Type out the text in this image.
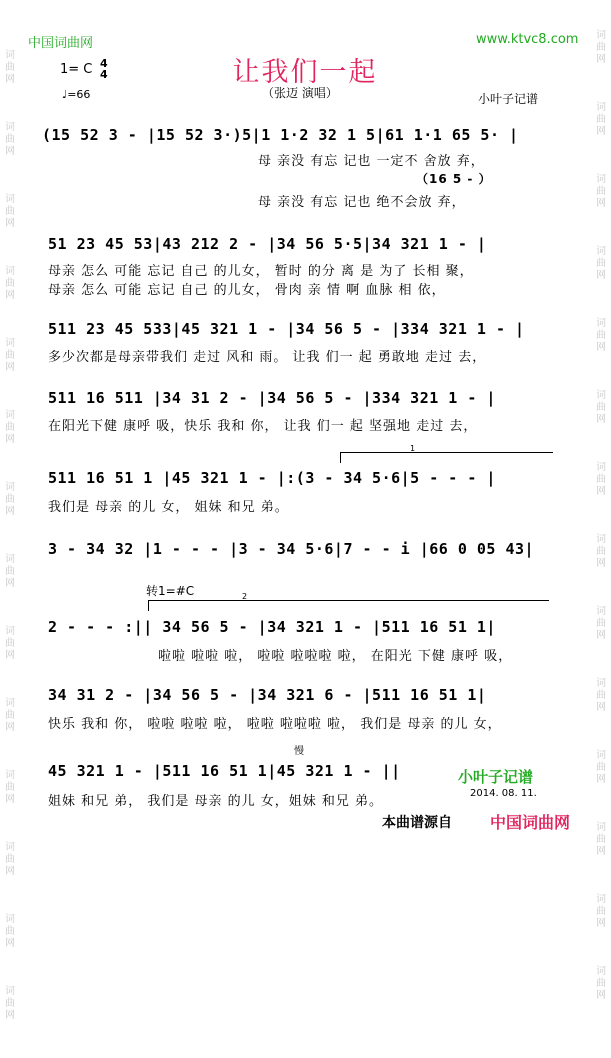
词
曲
网
词
曲
网
词
曲
网
词
曲
网
词
曲
网
词
曲
网
词
曲
网
词
曲
网
词
曲
网
词
曲
网
词
曲
网
词
曲
网
词
曲
网
词
曲
网
词
曲
网
词
曲
网
词
曲
网
词
曲
网
词
曲
网
词
曲
网
词
曲
网
词
曲
网
词
曲
网
词
曲
网
词
曲
网
词
曲
网
词
曲
网
词
曲
网
中国词曲网	www.ktvc8.com
让我们一起
1= C 4
4
♩=66	（张迈 演唱）	小叶子记谱
(15 52 3 - |15 52 3·)5|1 1·2 32 1 5|61 1·1 65 5· |
母 亲没 有忘 记也 一定不 舍放 弃，
（16 5 - ）
母 亲没 有忘 记也 绝不会放 弃，
51 23 45 53|43 212 2 - |34 56 5·5|34 321 1 - |
母亲 怎么 可能 忘记 自己 的儿女， 暂时 的分 离 是 为了 长相 聚，
母亲 怎么 可能 忘记 自己 的儿女， 骨肉 亲 情 啊 血脉 相 依，
511 23 45 533|45 321 1 - |34 56 5 - |334 321 1 - |
多少次都是母亲带我们 走过 风和 雨。 让我 们一 起 勇敢地 走过 去，
511 16 511 |34 31 2 - |34 56 5 - |334 321 1 - |
在阳光下健 康呼 吸，快乐 我和 你， 让我 们一 起 坚强地 走过 去，
1
511 16 51 1 |45 321 1 - |:(3 - 34 5·6|5 - - - |
我们是 母亲 的儿 女， 姐妹 和兄 弟。
3 - 34 32 |1 - - - |3 - 34 5·6|7 - - i |66 0 05 43|
转1=#C	2
2 - - - :|| 34 56 5 - |34 321 1 - |511 16 51 1|
啦啦 啦啦 啦， 啦啦 啦啦啦 啦， 在阳光 下健 康呼 吸，
34 31 2 - |34 56 5 - |34 321 6 - |511 16 51 1|
快乐 我和 你， 啦啦 啦啦 啦， 啦啦 啦啦啦 啦， 我们是 母亲 的儿 女，
慢
45 321 1 - |511 16 51 1|45 321 1 - ||
姐妹 和兄 弟， 我们是 母亲 的儿 女，姐妹 和兄 弟。
小叶子记谱
2014. 08. 11.
本曲谱源自 中国词曲网
